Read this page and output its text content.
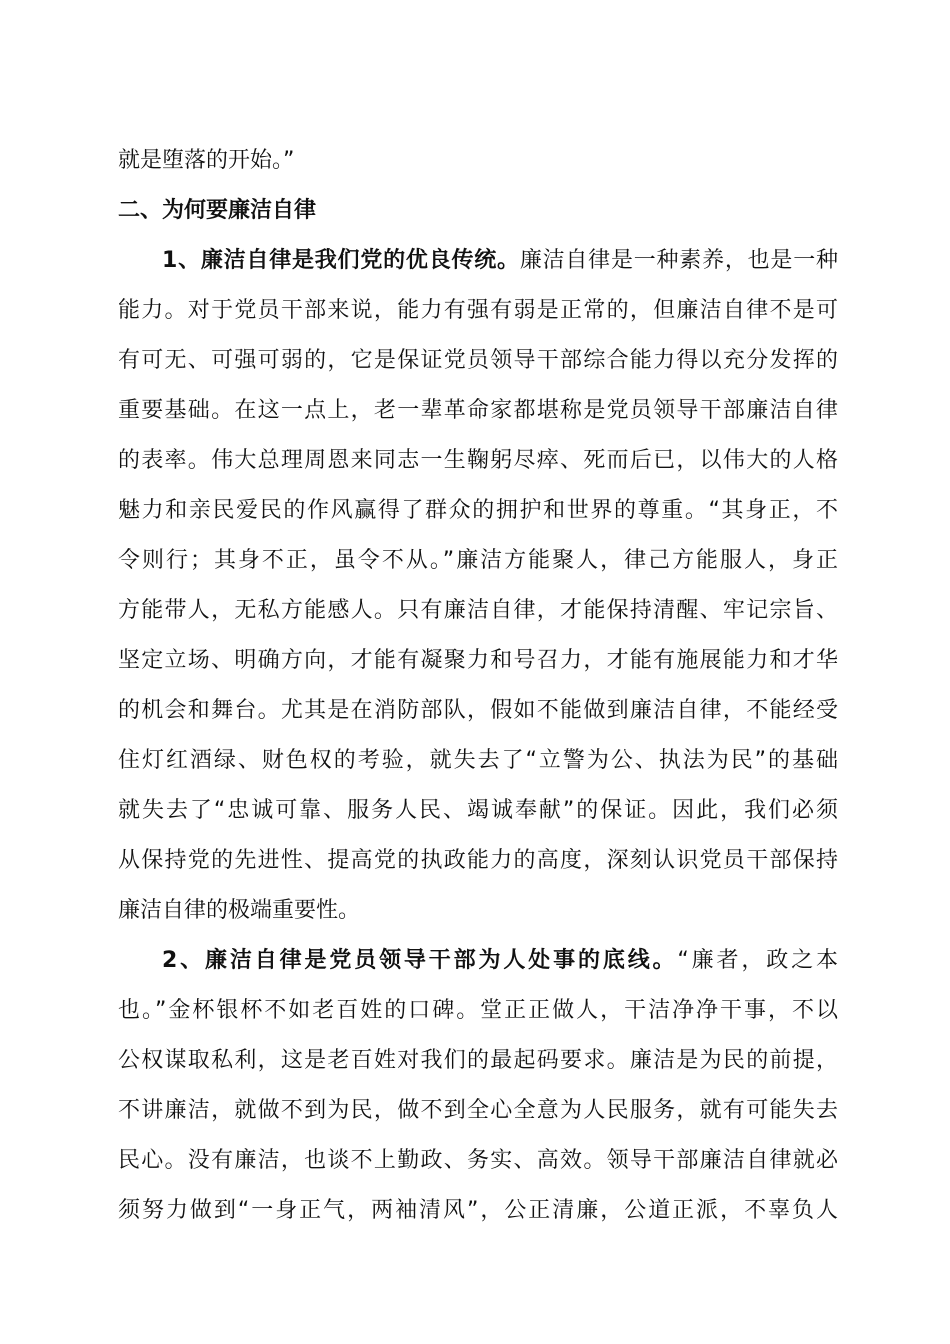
就是堕落的开始。”
二、为何要廉洁自律
1、廉洁自律是我们党的优良传统。廉洁自律是一种素养，也是一种
能力。对于党员干部来说，能力有强有弱是正常的，但廉洁自律不是可
有可无、可强可弱的，它是保证党员领导干部综合能力得以充分发挥的
重要基础。在这一点上，老一辈革命家都堪称是党员领导干部廉洁自律
的表率。伟大总理周恩来同志一生鞠躬尽瘁、死而后已，以伟大的人格
魅力和亲民爱民的作风赢得了群众的拥护和世界的尊重。“其身正，不
令则行；其身不正，虽令不从。”廉洁方能聚人，律己方能服人，身正
方能带人，无私方能感人。只有廉洁自律，才能保持清醒、牢记宗旨、
坚定立场、明确方向，才能有凝聚力和号召力，才能有施展能力和才华
的机会和舞台。尤其是在消防部队，假如不能做到廉洁自律，不能经受
住灯红酒绿、财色权的考验，就失去了“立警为公、执法为民”的基础
就失去了“忠诚可靠、服务人民、竭诚奉献”的保证。因此，我们必须
从保持党的先进性、提高党的执政能力的高度，深刻认识党员干部保持
廉洁自律的极端重要性。
2、廉洁自律是党员领导干部为人处事的底线。“廉者，政之本
也。”金杯银杯不如老百姓的口碑。堂正正做人，干洁净净干事，不以
公权谋取私利，这是老百姓对我们的最起码要求。廉洁是为民的前提，
不讲廉洁，就做不到为民，做不到全心全意为人民服务，就有可能失去
民心。没有廉洁，也谈不上勤政、务实、高效。领导干部廉洁自律就必
须努力做到“一身正气，两袖清风”，公正清廉，公道正派，不辜负人
